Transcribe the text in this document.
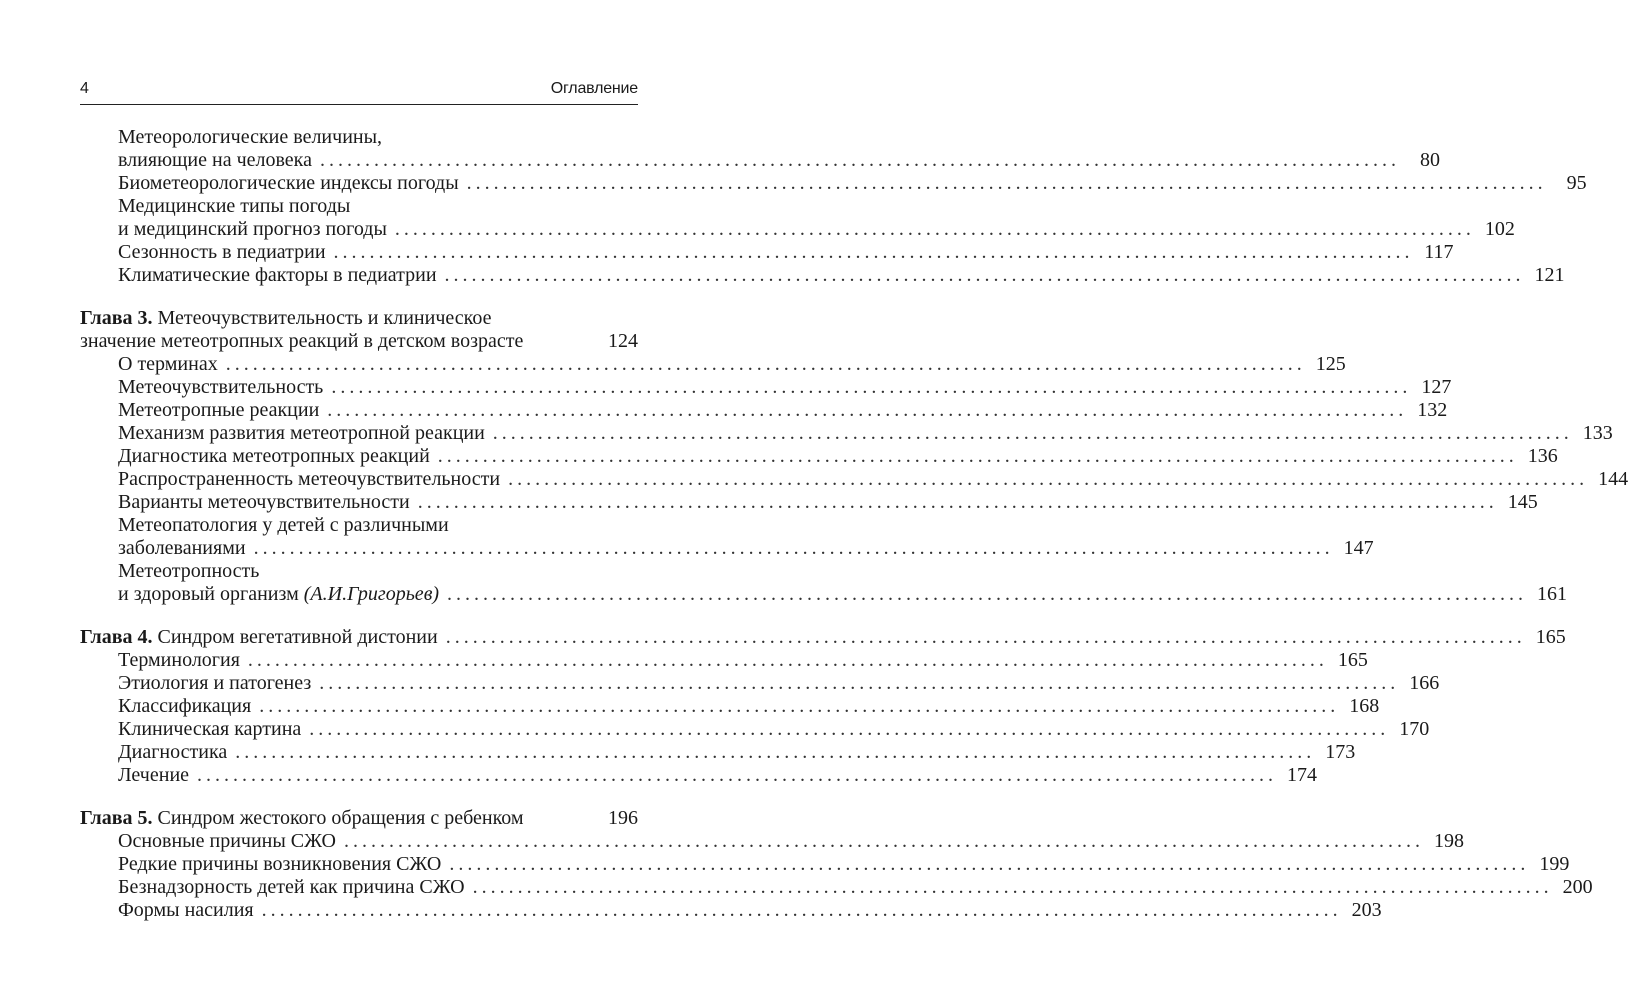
4	Оглавление
Метеорологические величины,
влияющие на человека ........................................................................................................................	80
Биометеорологические индексы погоды ........................................................................................................................	95
Медицинские типы погоды
и медицинский прогноз погоды ........................................................................................................................ 102
Сезонность в педиатрии ........................................................................................................................ 117
Климатические факторы в педиатрии ........................................................................................................................ 121
Глава 3. Метеочувствительность и клиническое
значение метеотропных реакций в детском возрасте	124
О терминах ........................................................................................................................ 125
Метеочувствительность ........................................................................................................................ 127
Метеотропные реакции ........................................................................................................................ 132
Механизм развития метеотропной реакции ........................................................................................................................ 133
Диагностика метеотропных реакций ........................................................................................................................ 136
Распространенность метеочувствительности ........................................................................................................................ 144
Варианты метеочувствительности ........................................................................................................................ 145
Метеопатология у детей с различными
заболеваниями ........................................................................................................................ 147
Метеотропность
и здоровый организм (А.И.Григорьев) ........................................................................................................................ 161
Глава 4. Синдром вегетативной дистонии ........................................................................................................................ 165
Терминология ........................................................................................................................ 165
Этиология и патогенез ........................................................................................................................ 166
Классификация ........................................................................................................................ 168
Клиническая картина ........................................................................................................................ 170
Диагностика ........................................................................................................................ 173
Лечение ........................................................................................................................ 174
Глава 5. Синдром жестокого обращения с ребенком	196
Основные причины СЖО ........................................................................................................................ 198
Редкие причины возникновения СЖО ........................................................................................................................ 199
Безнадзорность детей как причина СЖО ........................................................................................................................ 200
Формы насилия ........................................................................................................................ 203
